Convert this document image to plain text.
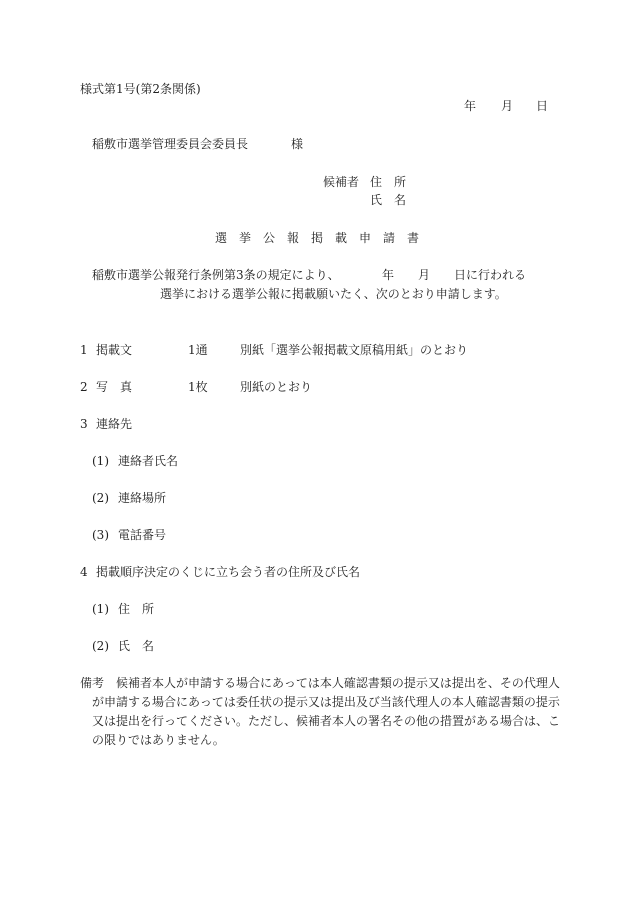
様式第1号(第2条関係)
年 月 日
稲敷市選挙管理委員会委員長	様
候補者 住　所
氏　名
選　挙　公　報　掲　載　申　請　書
稲敷市選挙公報発行条例第3条の規定により、	年 月 日に行われる
選挙における選挙公報に掲載願いたく、次のとおり申請します。
1 掲載文	1通	別紙「選挙公報掲載文原稿用紙」のとおり
2 写　真	1枚	別紙のとおり
3 連絡先
(1) 連絡者氏名
(2) 連絡場所
(3) 電話番号
4 掲載順序決定のくじに立ち会う者の住所及び氏名
(1) 住　所
(2) 氏　名
備考 候補者本人が申請する場合にあっては本人確認書類の提示又は提出を、その代理人
が申請する場合にあっては委任状の提示又は提出及び当該代理人の本人確認書類の提示
又は提出を行ってください。ただし、候補者本人の署名その他の措置がある場合は、こ
の限りではありません。
